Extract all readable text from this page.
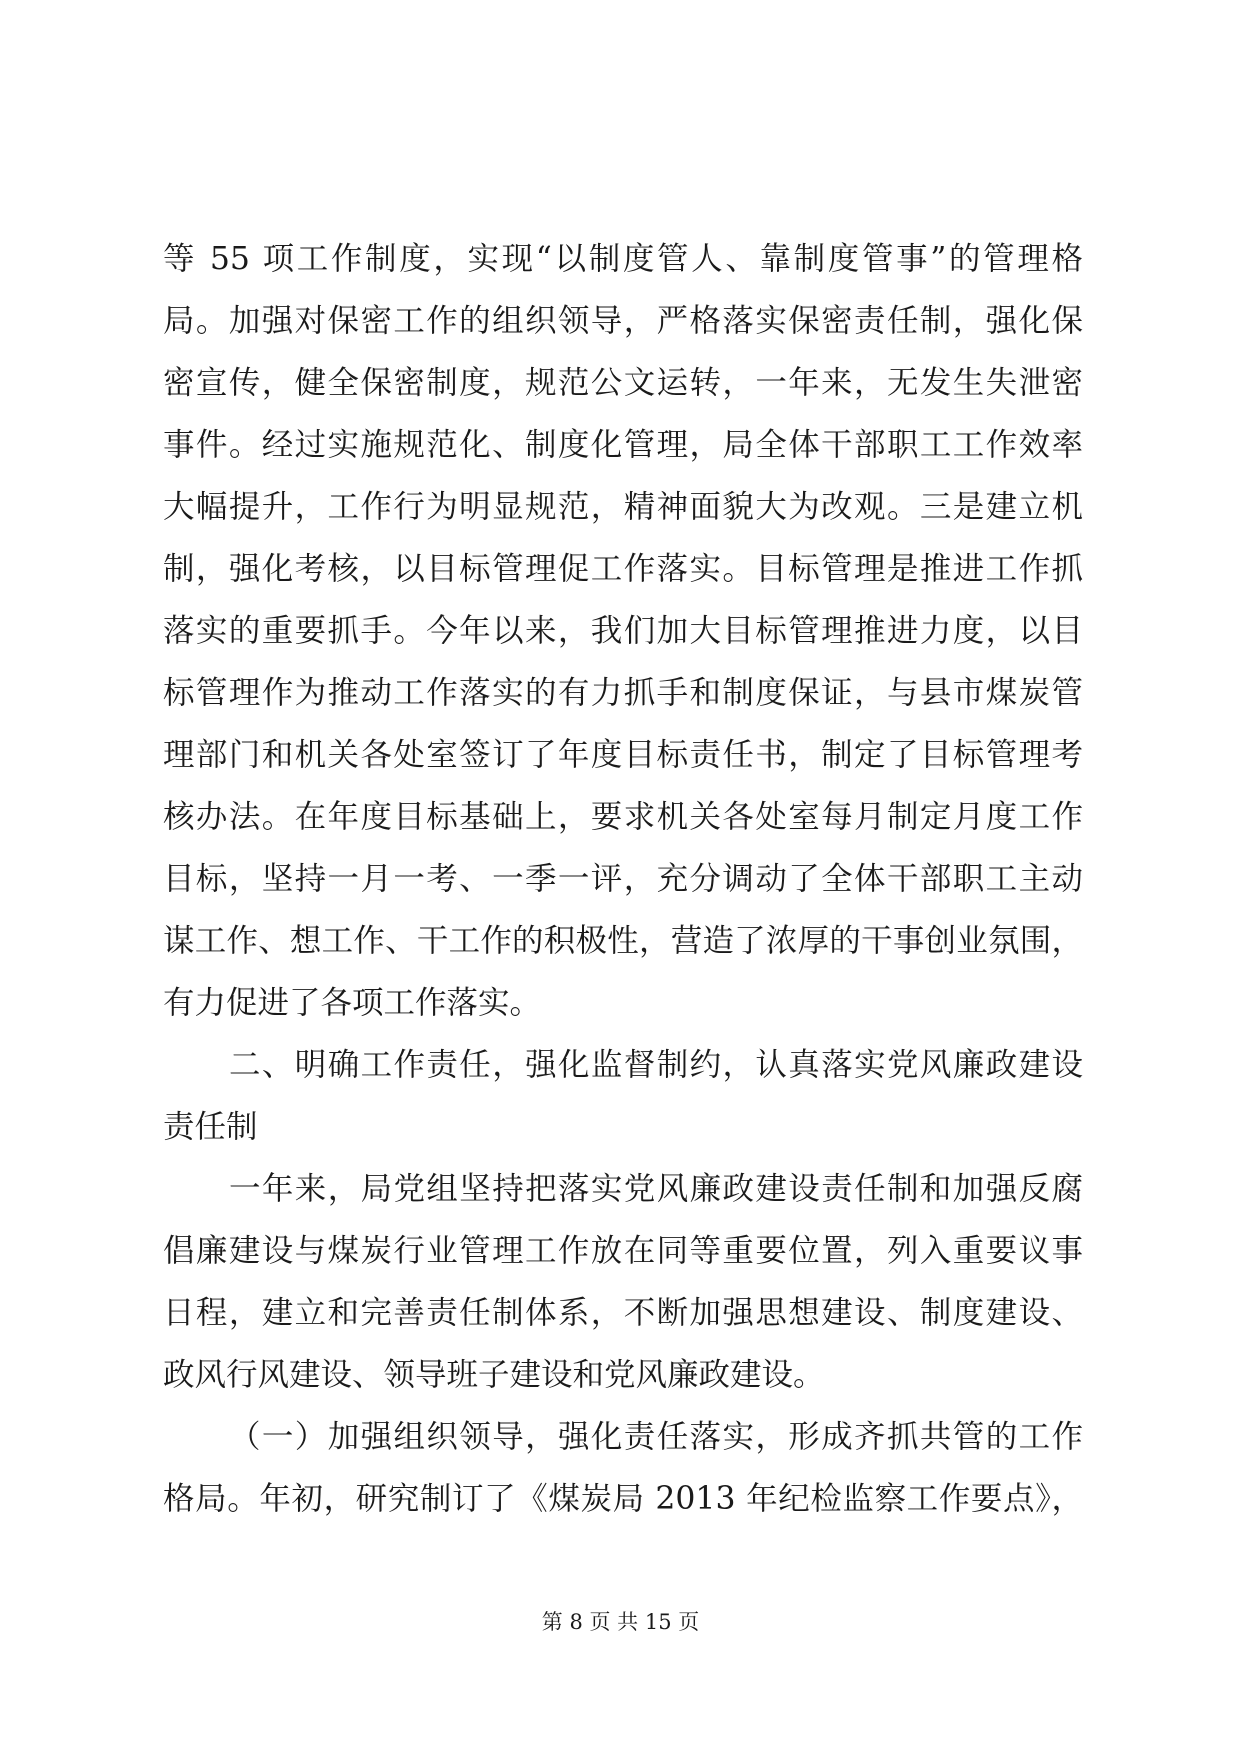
等 55 项工作制度，实现“以制度管人、靠制度管事”的管理格
局。加强对保密工作的组织领导，严格落实保密责任制，强化保
密宣传，健全保密制度，规范公文运转，一年来，无发生失泄密
事件。经过实施规范化、制度化管理，局全体干部职工工作效率
大幅提升，工作行为明显规范，精神面貌大为改观。三是建立机
制，强化考核，以目标管理促工作落实。目标管理是推进工作抓
落实的重要抓手。今年以来，我们加大目标管理推进力度，以目
标管理作为推动工作落实的有力抓手和制度保证，与县市煤炭管
理部门和机关各处室签订了年度目标责任书，制定了目标管理考
核办法。在年度目标基础上，要求机关各处室每月制定月度工作
目标，坚持一月一考、一季一评，充分调动了全体干部职工主动
谋工作、想工作、干工作的积极性，营造了浓厚的干事创业氛围，
有力促进了各项工作落实。
二、明确工作责任，强化监督制约，认真落实党风廉政建设
责任制
一年来，局党组坚持把落实党风廉政建设责任制和加强反腐
倡廉建设与煤炭行业管理工作放在同等重要位置，列入重要议事
日程，建立和完善责任制体系，不断加强思想建设、制度建设、
政风行风建设、领导班子建设和党风廉政建设。
（一）加强组织领导，强化责任落实，形成齐抓共管的工作
格局。年初，研究制订了《煤炭局 2013 年纪检监察工作要点》，
第 8 页 共 15 页
